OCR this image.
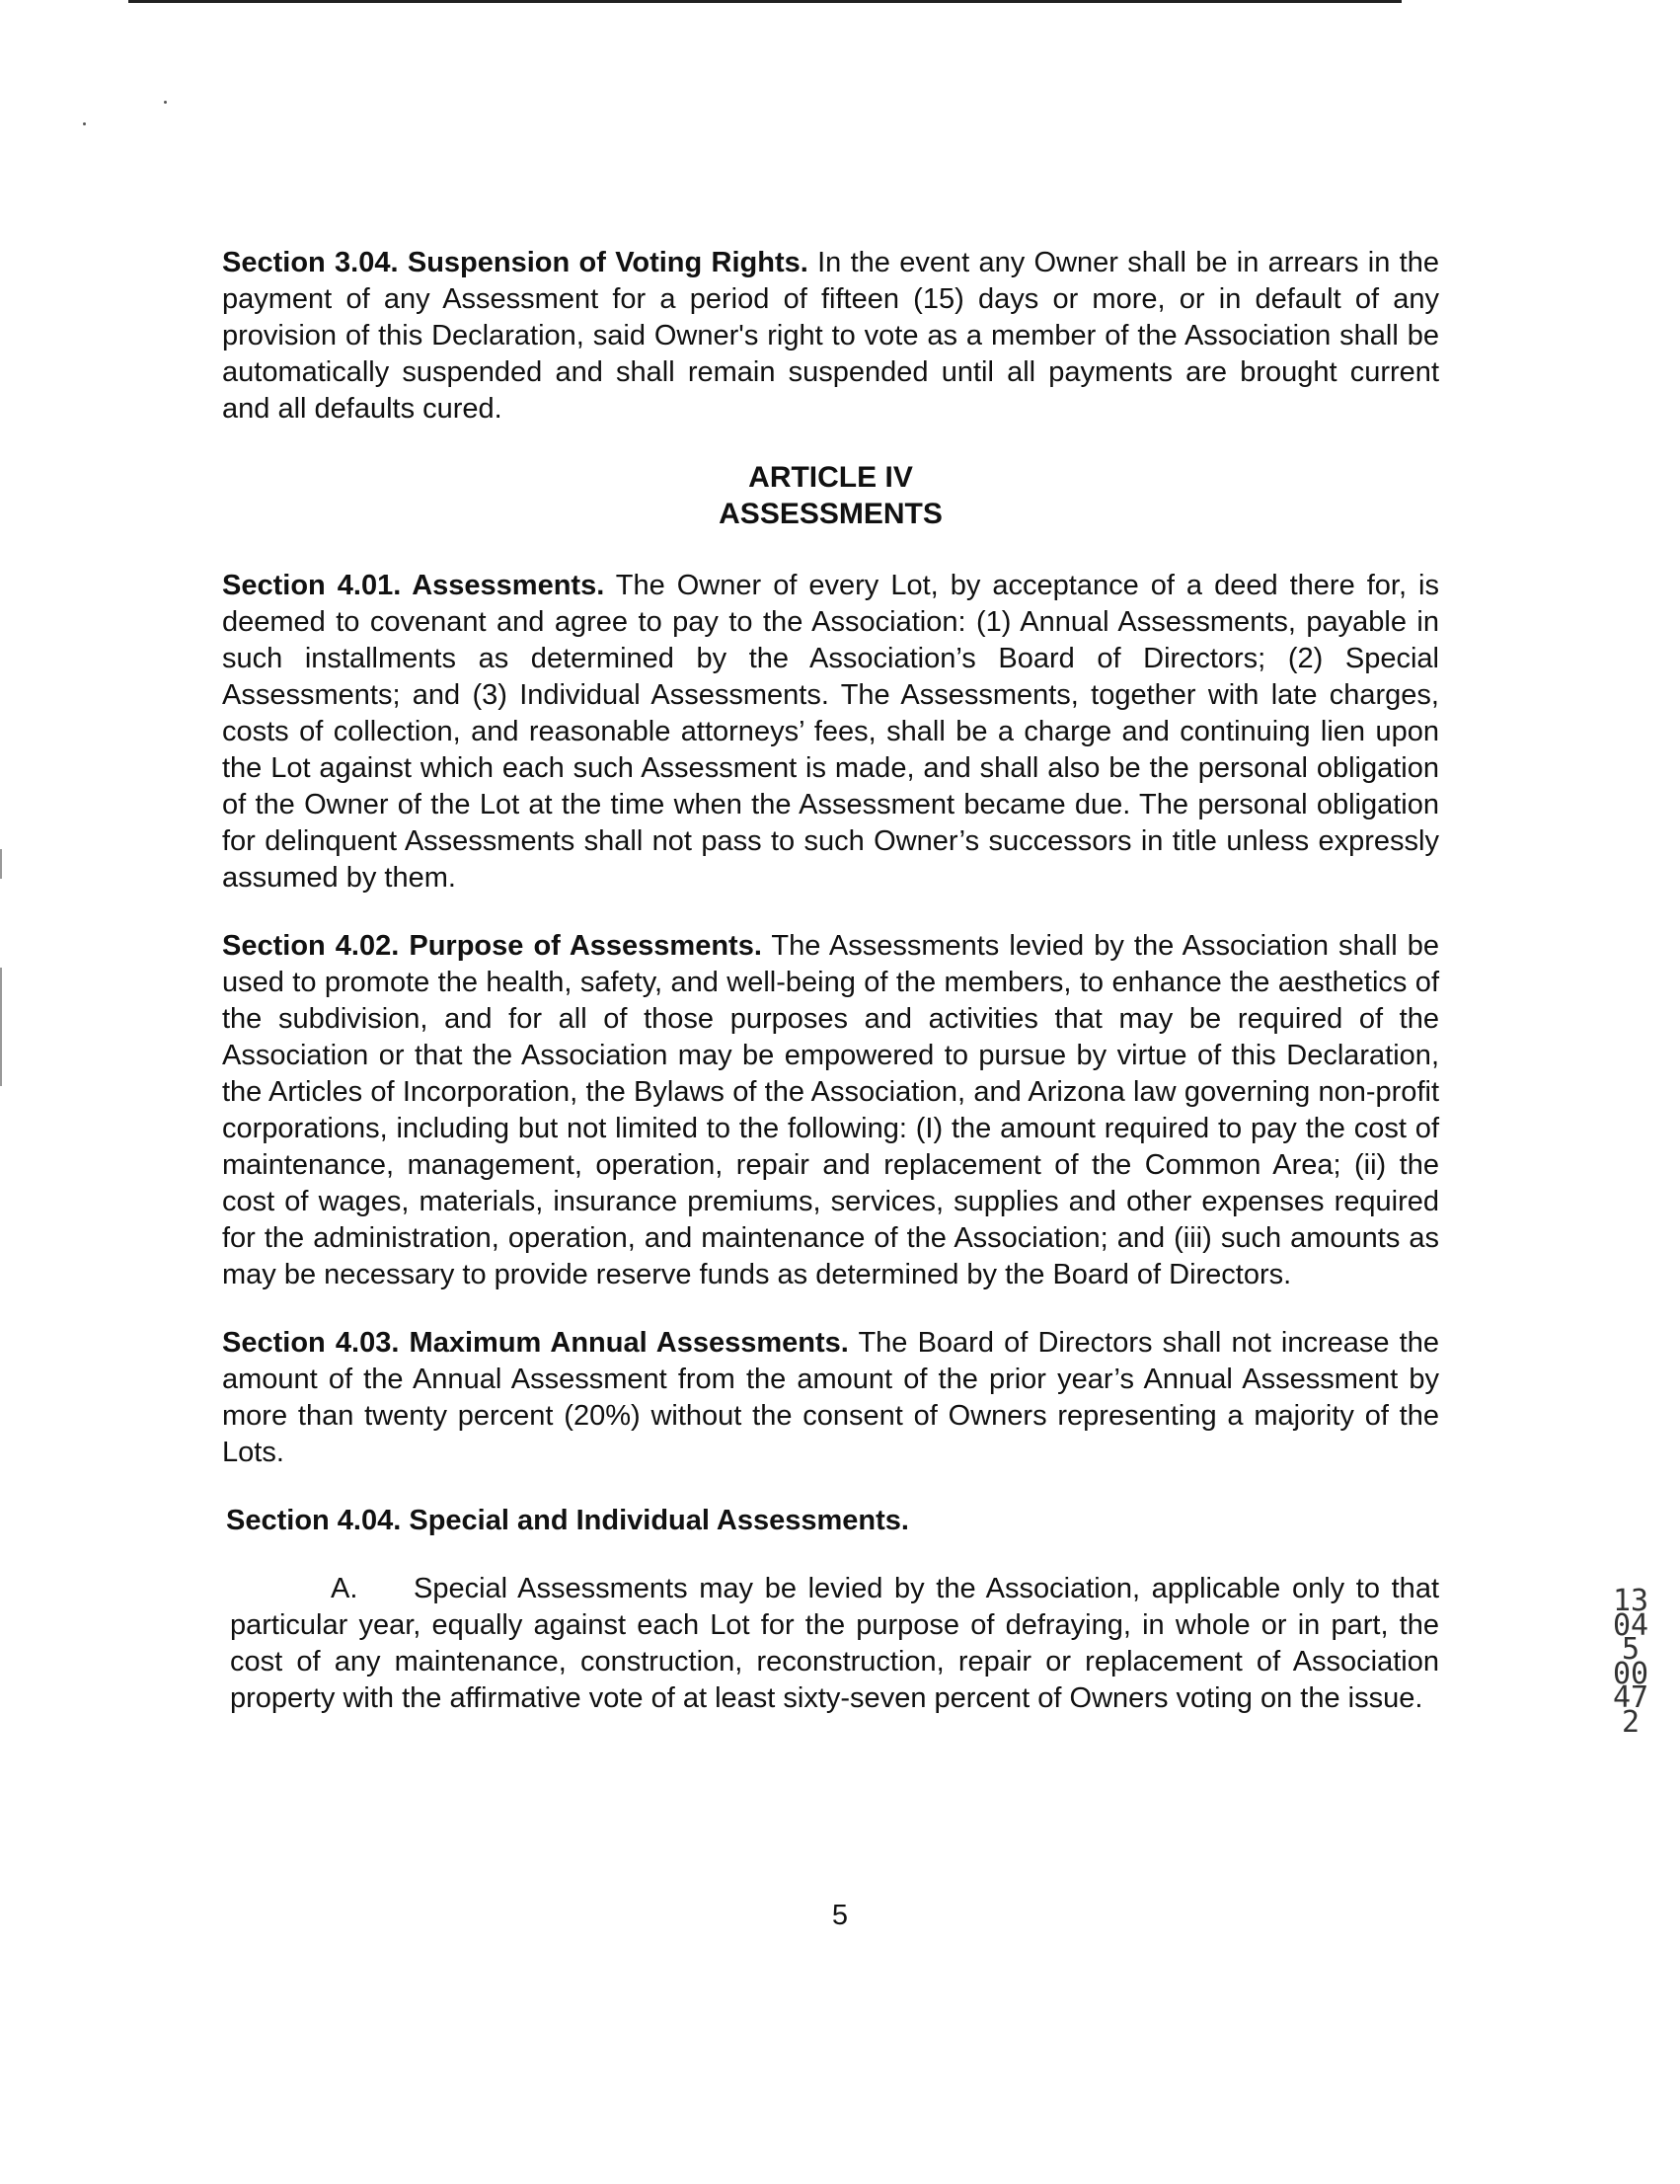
Section 3.04. Suspension of Voting Rights. In the event any Owner shall be in arrears in the payment of any Assessment for a period of fifteen (15) days or more, or in default of any provision of this Declaration, said Owner's right to vote as a member of the Association shall be automatically suspended and shall remain suspended until all payments are brought current and all defaults cured.

ARTICLE IV
ASSESSMENTS

Section 4.01. Assessments. The Owner of every Lot, by acceptance of a deed there for, is deemed to covenant and agree to pay to the Association: (1) Annual Assessments, payable in such installments as determined by the Association’s Board of Directors; (2) Special Assessments; and (3) Individual Assessments. The Assessments, together with late charges, costs of collection, and reasonable attorneys’ fees, shall be a charge and continuing lien upon the Lot against which each such Assessment is made, and shall also be the personal obligation of the Owner of the Lot at the time when the Assessment became due. The personal obligation for delinquent Assessments shall not pass to such Owner’s successors in title unless expressly assumed by them.

Section 4.02. Purpose of Assessments. The Assessments levied by the Association shall be used to promote the health, safety, and well-being of the members, to enhance the aesthetics of the subdivision, and for all of those purposes and activities that may be required of the Association or that the Association may be empowered to pursue by virtue of this Declaration, the Articles of Incorporation, the Bylaws of the Association, and Arizona law governing non-profit corporations, including but not limited to the following: (I) the amount required to pay the cost of maintenance, management, operation, repair and replacement of the Common Area; (ii) the cost of wages, materials, insurance premiums, services, supplies and other expenses required for the administration, operation, and maintenance of the Association; and (iii) such amounts as may be necessary to provide reserve funds as determined by the Board of Directors.

Section 4.03. Maximum Annual Assessments. The Board of Directors shall not increase the amount of the Annual Assessment from the amount of the prior year’s Annual Assessment by more than twenty percent (20%) without the consent of Owners representing a majority of the Lots.

Section 4.04. Special and Individual Assessments.

A. Special Assessments may be levied by the Association, applicable only to that particular year, equally against each Lot for the purpose of defraying, in whole or in part, the cost of any maintenance, construction, reconstruction, repair or replacement of Association property with the affirmative vote of at least sixty-seven percent of Owners voting on the issue.

5
13045 00472
